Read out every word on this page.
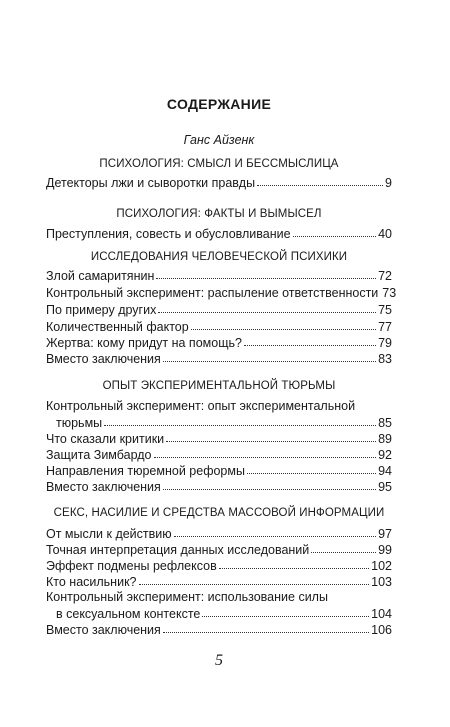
СОДЕРЖАНИЕ
Ганс Айзенк
ПСИХОЛОГИЯ: СМЫСЛ И БЕССМЫСЛИЦА
Детекторы лжи и сыворотки правды	9
ПСИХОЛОГИЯ: ФАКТЫ И ВЫМЫСЕЛ
Преступления, совесть и обусловливание	40
ИССЛЕДОВАНИЯ ЧЕЛОВЕЧЕСКОЙ ПСИХИКИ
Злой самаритянин	72
Контрольный эксперимент: распыление ответственности 73
По примеру других	75
Количественный фактор	77
Жертва: кому придут на помощь?	79
Вместо заключения	83
ОПЫТ ЭКСПЕРИМЕНТАЛЬНОЙ ТЮРЬМЫ
Контрольный эксперимент: опыт экспериментальной
тюрьмы	85
Что сказали критики	89
Защита Зимбардо	92
Направления тюремной реформы	94
Вместо заключения	95
СЕКС, НАСИЛИЕ И СРЕДСТВА МАССОВОЙ ИНФОРМАЦИИ
От мысли к действию	97
Точная интерпретация данных исследований	99
Эффект подмены рефлексов	102
Кто насильник?	103
Контрольный эксперимент: использование силы
в сексуальном контексте	104
Вместо заключения	106
5
